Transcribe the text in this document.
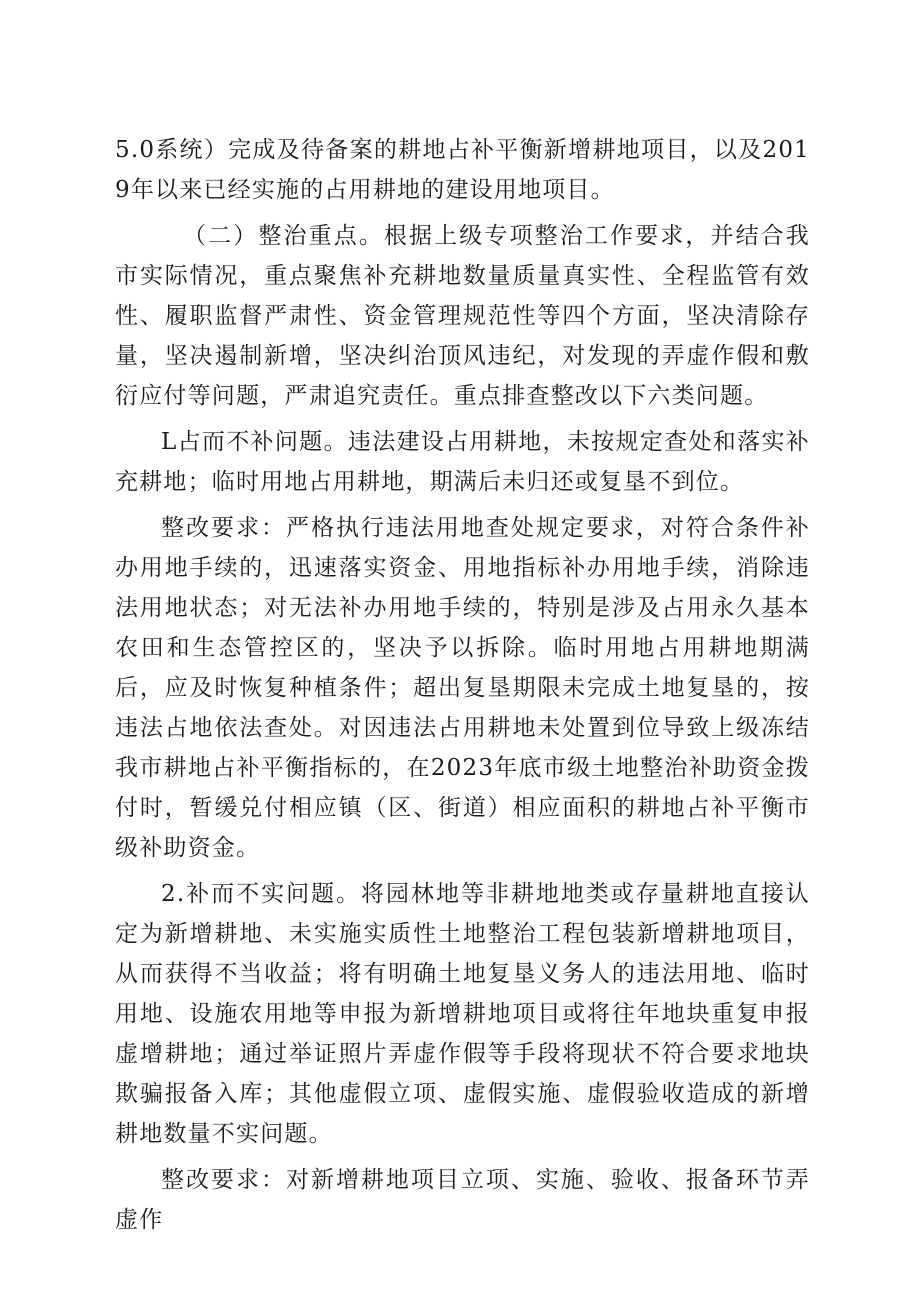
5.0系统）完成及待备案的耕地占补平衡新增耕地项目，以及2019年以来已经实施的占用耕地的建设用地项目。

（二）整治重点。根据上级专项整治工作要求，并结合我市实际情况，重点聚焦补充耕地数量质量真实性、全程监管有效性、履职监督严肃性、资金管理规范性等四个方面，坚决清除存量，坚决遏制新增，坚决纠治顶风违纪，对发现的弄虚作假和敷衍应付等问题，严肃追究责任。重点排查整改以下六类问题。

L占而不补问题。违法建设占用耕地，未按规定查处和落实补充耕地；临时用地占用耕地，期满后未归还或复垦不到位。

整改要求：严格执行违法用地查处规定要求，对符合条件补办用地手续的，迅速落实资金、用地指标补办用地手续，消除违法用地状态；对无法补办用地手续的，特别是涉及占用永久基本农田和生态管控区的，坚决予以拆除。临时用地占用耕地期满后，应及时恢复种植条件；超出复垦期限未完成土地复垦的，按违法占地依法查处。对因违法占用耕地未处置到位导致上级冻结我市耕地占补平衡指标的，在2023年底市级土地整治补助资金拨付时，暂缓兑付相应镇（区、街道）相应面积的耕地占补平衡市级补助资金。

2.补而不实问题。将园林地等非耕地地类或存量耕地直接认定为新增耕地、未实施实质性土地整治工程包装新增耕地项目，从而获得不当收益；将有明确土地复垦义务人的违法用地、临时用地、设施农用地等申报为新增耕地项目或将往年地块重复申报虚增耕地；通过举证照片弄虚作假等手段将现状不符合要求地块欺骗报备入库；其他虚假立项、虚假实施、虚假验收造成的新增耕地数量不实问题。

整改要求：对新增耕地项目立项、实施、验收、报备环节弄虚作
